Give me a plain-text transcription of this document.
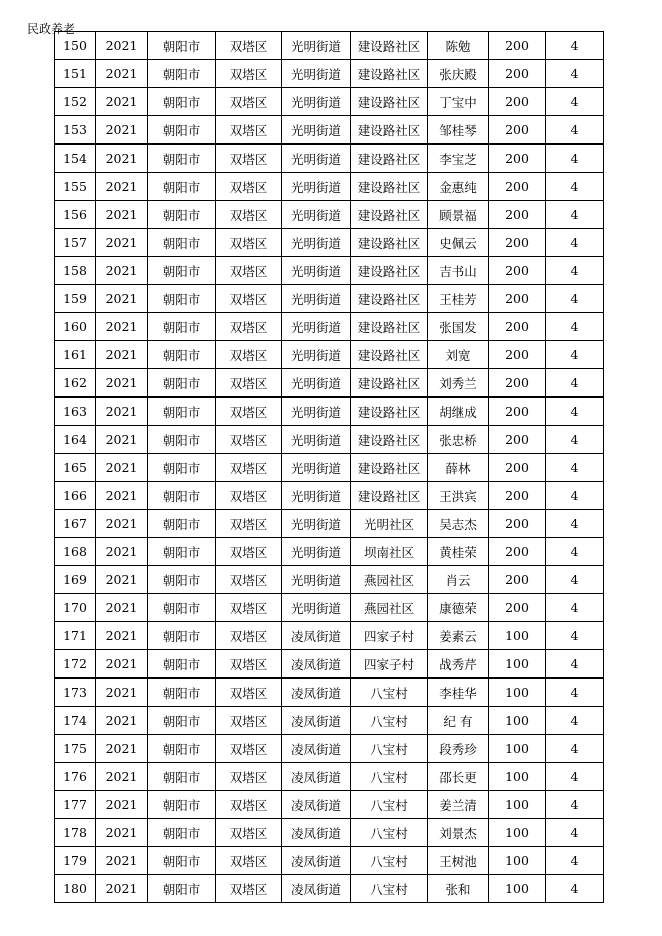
民政养老
150	2021	朝阳市	双塔区	光明街道	建设路社区	陈勉	200	4
151	2021	朝阳市	双塔区	光明街道	建设路社区	张庆殿	200	4
152	2021	朝阳市	双塔区	光明街道	建设路社区	丁宝中	200	4
153	2021	朝阳市	双塔区	光明街道	建设路社区	邹桂琴	200	4
154	2021	朝阳市	双塔区	光明街道	建设路社区	李宝芝	200	4
155	2021	朝阳市	双塔区	光明街道	建设路社区	金惠纯	200	4
156	2021	朝阳市	双塔区	光明街道	建设路社区	顾景福	200	4
157	2021	朝阳市	双塔区	光明街道	建设路社区	史佩云	200	4
158	2021	朝阳市	双塔区	光明街道	建设路社区	吉书山	200	4
159	2021	朝阳市	双塔区	光明街道	建设路社区	王桂芳	200	4
160	2021	朝阳市	双塔区	光明街道	建设路社区	张国发	200	4
161	2021	朝阳市	双塔区	光明街道	建设路社区	刘宽	200	4
162	2021	朝阳市	双塔区	光明街道	建设路社区	刘秀兰	200	4
163	2021	朝阳市	双塔区	光明街道	建设路社区	胡继成	200	4
164	2021	朝阳市	双塔区	光明街道	建设路社区	张忠桥	200	4
165	2021	朝阳市	双塔区	光明街道	建设路社区	薛林	200	4
166	2021	朝阳市	双塔区	光明街道	建设路社区	王洪宾	200	4
167	2021	朝阳市	双塔区	光明街道	光明社区	吴志杰	200	4
168	2021	朝阳市	双塔区	光明街道	坝南社区	黄桂荣	200	4
169	2021	朝阳市	双塔区	光明街道	燕园社区	肖云	200	4
170	2021	朝阳市	双塔区	光明街道	燕园社区	康德荣	200	4
171	2021	朝阳市	双塔区	凌凤街道	四家子村	姜素云	100	4
172	2021	朝阳市	双塔区	凌凤街道	四家子村	战秀芹	100	4
173	2021	朝阳市	双塔区	凌凤街道	八宝村	李桂华	100	4
174	2021	朝阳市	双塔区	凌凤街道	八宝村	纪 有	100	4
175	2021	朝阳市	双塔区	凌凤街道	八宝村	段秀珍	100	4
176	2021	朝阳市	双塔区	凌凤街道	八宝村	邵长更	100	4
177	2021	朝阳市	双塔区	凌凤街道	八宝村	姜兰清	100	4
178	2021	朝阳市	双塔区	凌凤街道	八宝村	刘景杰	100	4
179	2021	朝阳市	双塔区	凌凤街道	八宝村	王树池	100	4
180	2021	朝阳市	双塔区	凌凤街道	八宝村	张和	100	4
